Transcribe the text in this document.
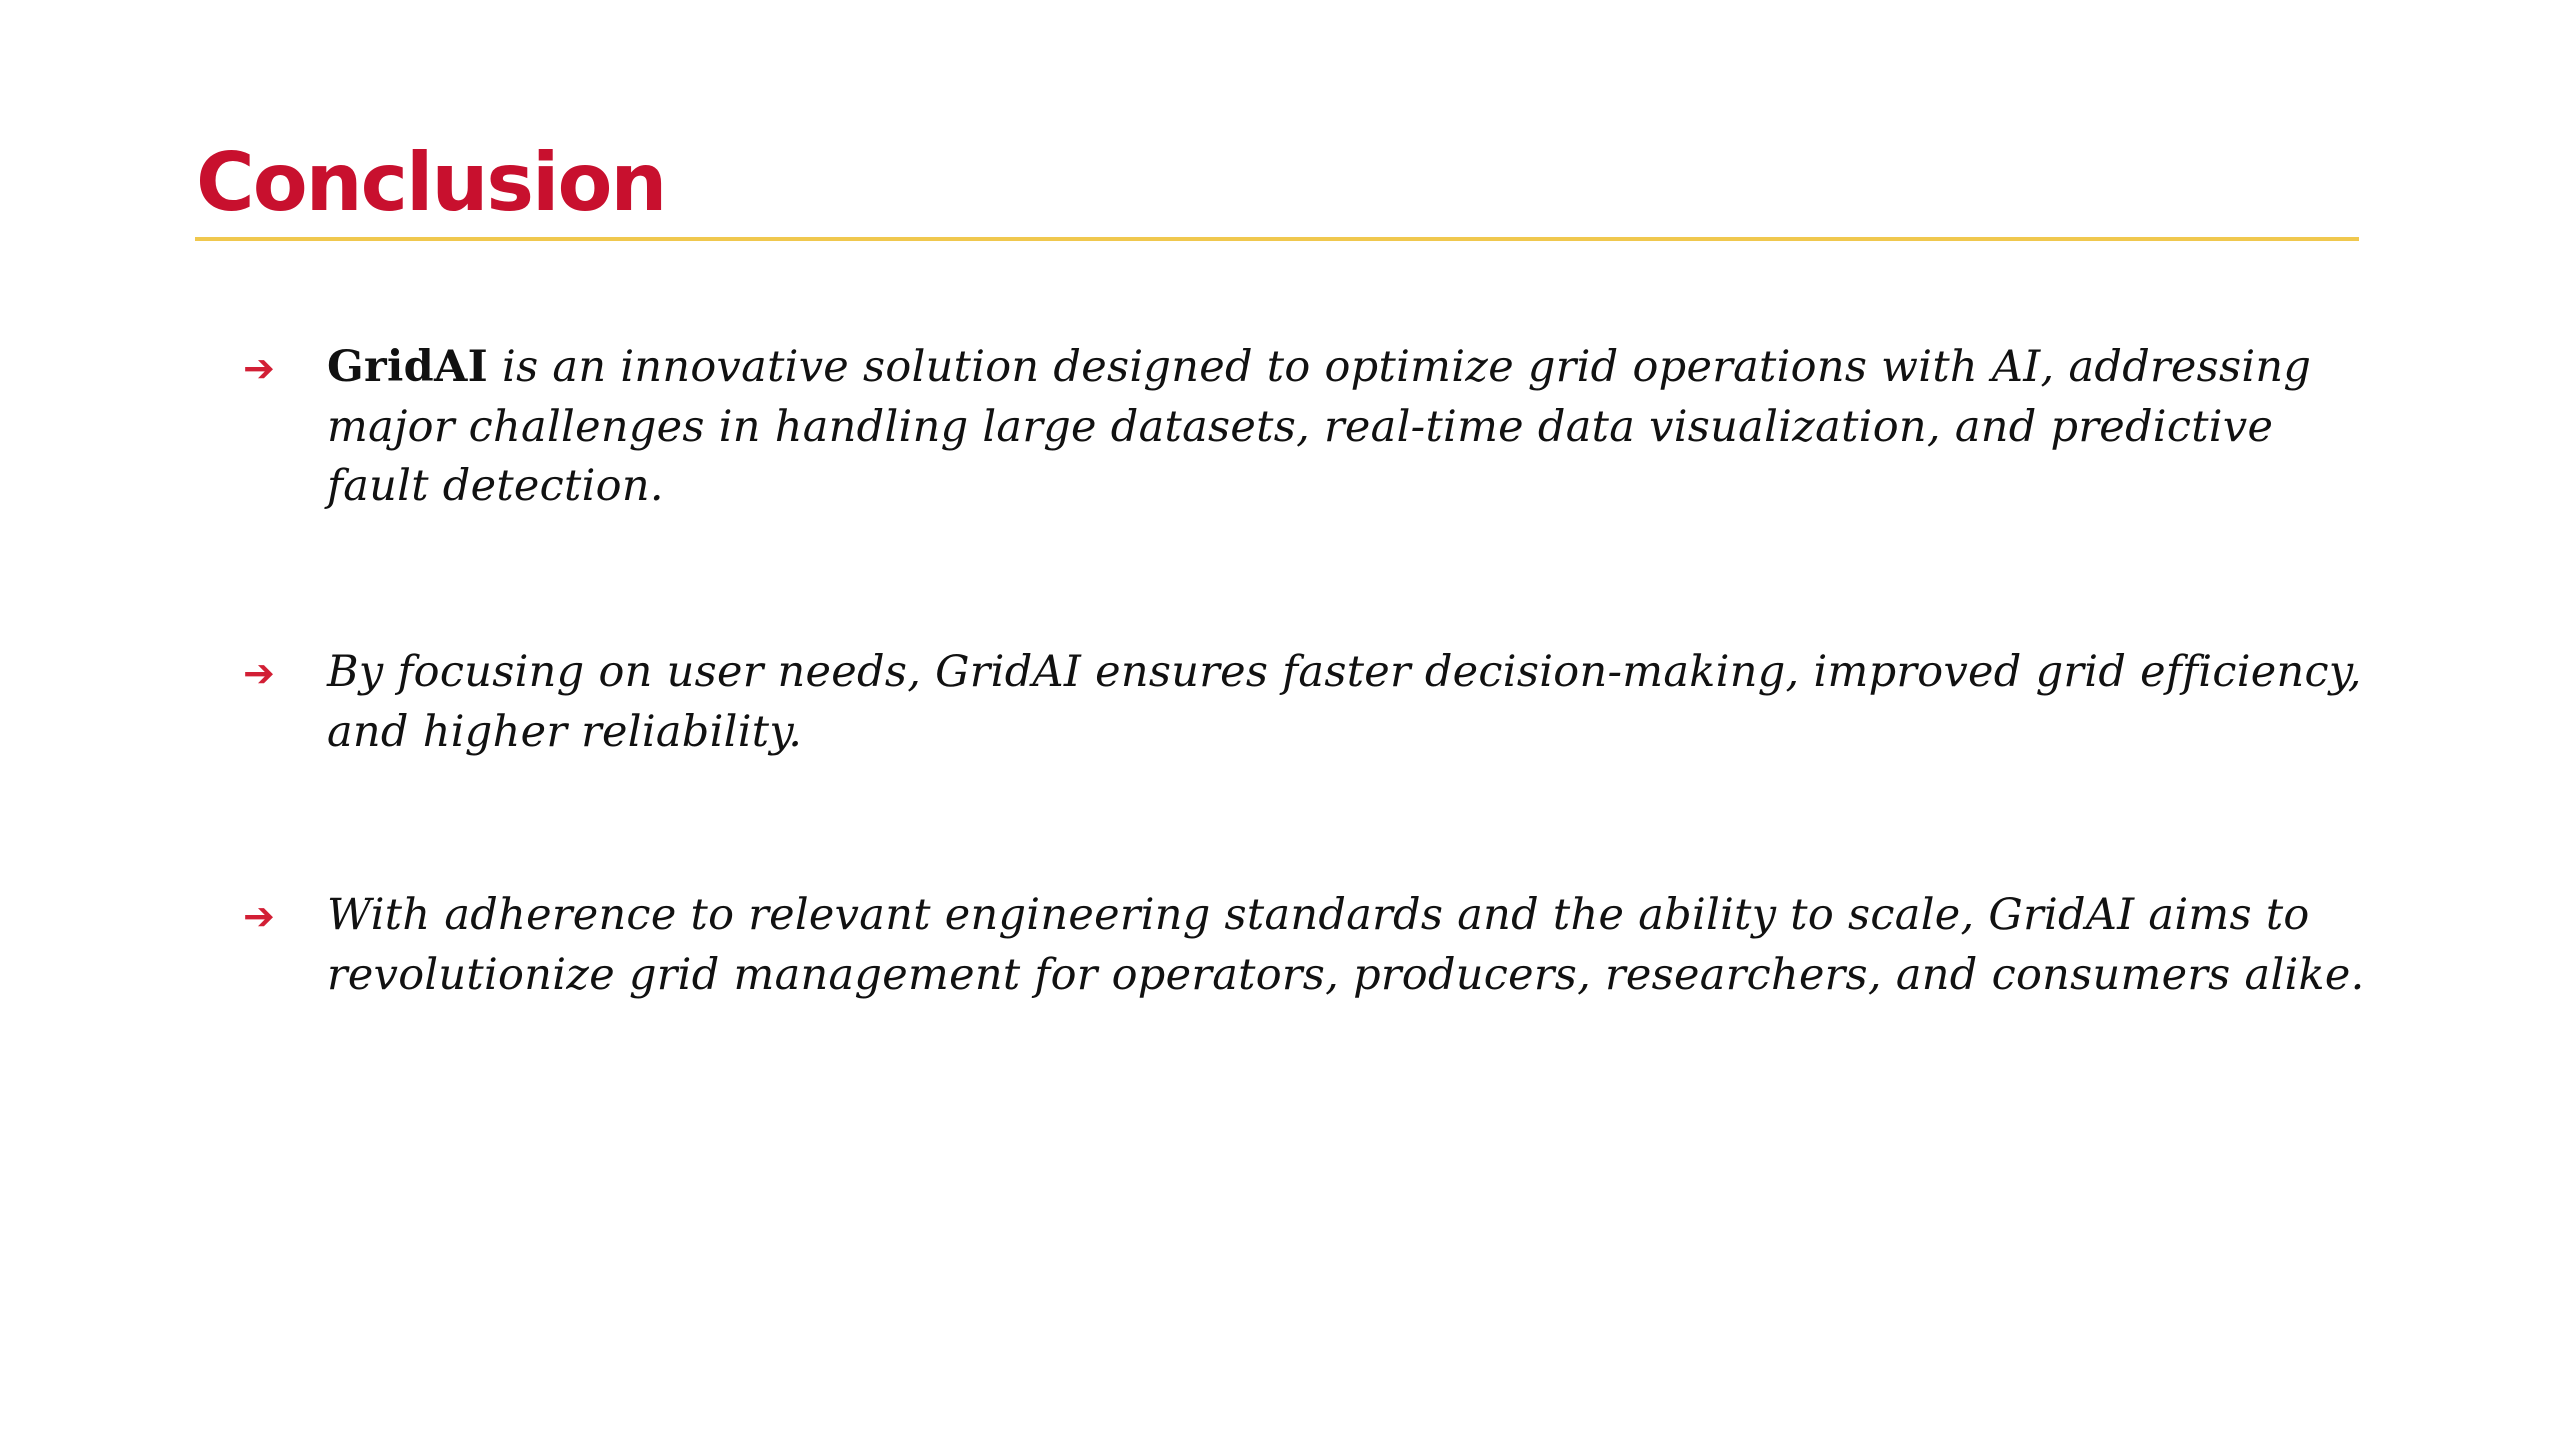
Conclusion
➔	GridAI is an innovative solution designed to optimize grid operations with AI, addressing major challenges in handling large datasets, real-time data visualization, and predictive fault detection.

➔	By focusing on user needs, GridAI ensures faster decision-making, improved grid efficiency, and higher reliability.

➔	With adherence to relevant engineering standards and the ability to scale, GridAI aims to revolutionize grid management for operators, producers, researchers, and consumers alike.
